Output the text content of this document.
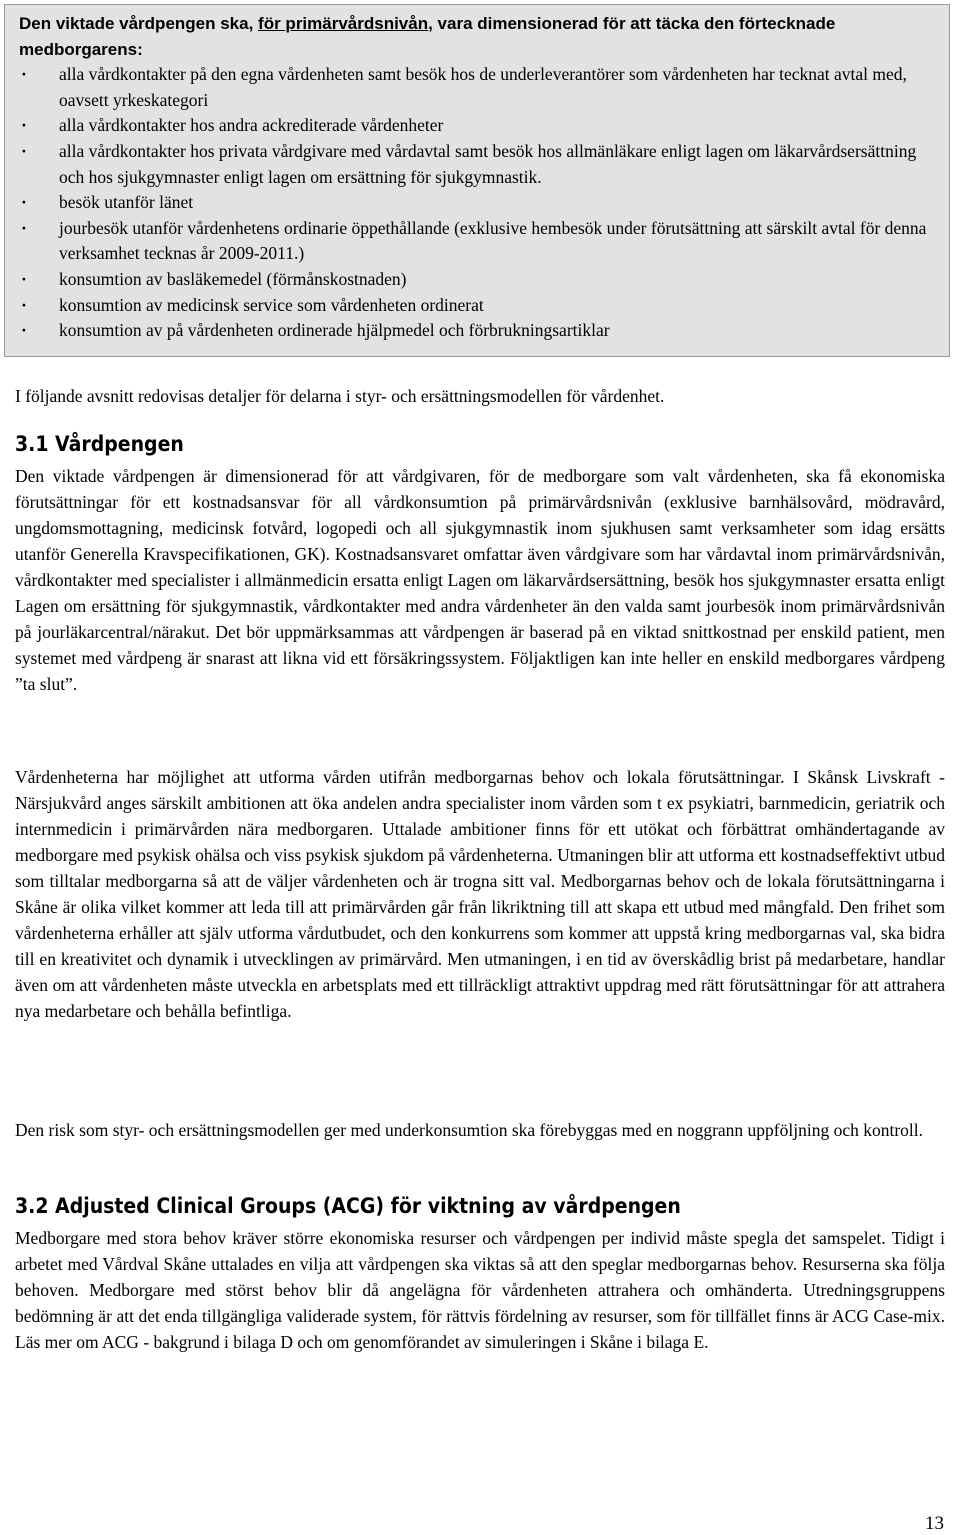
Den viktade vårdpengen ska, för primärvårdsnivån, vara dimensionerad för att täcka den förtecknade medborgarens:
· alla vårdkontakter på den egna vårdenheten samt besök hos de underleverantörer som vårdenheten har tecknat avtal med, oavsett yrkeskategori
· alla vårdkontakter hos andra ackrediterade vårdenheter
· alla vårdkontakter hos privata vårdgivare med vårdavtal samt besök hos allmänläkare enligt lagen om läkarvårdsersättning och hos sjukgymnaster enligt lagen om ersättning för sjukgymnastik.
· besök utanför länet
· jourbesök utanför vårdenhetens ordinarie öppethållande (exklusive hembesök under förutsättning att särskilt avtal för denna verksamhet tecknas år 2009-2011.)
· konsumtion av basläkemedel (förmånskostnaden)
· konsumtion av medicinsk service som vårdenheten ordinerat
· konsumtion av på vårdenheten ordinerade hjälpmedel och förbrukningsartiklar

I följande avsnitt redovisas detaljer för delarna i styr- och ersättningsmodellen för vårdenhet.

3.1 Vårdpengen

Den viktade vårdpengen är dimensionerad för att vårdgivaren, för de medborgare som valt vårdenheten, ska få ekonomiska förutsättningar för ett kostnadsansvar för all vårdkonsumtion på primärvårdsnivån (exklusive barnhälsovård, mödravård, ungdomsmottagning, medicinsk fotvård, logopedi och all sjukgymnastik inom sjukhusen samt verksamheter som idag ersätts utanför Generella Kravspecifikationen, GK). Kostnadsansvaret omfattar även vårdgivare som har vårdavtal inom primärvårdsnivån, vårdkontakter med specialister i allmänmedicin ersatta enligt Lagen om läkarvårdsersättning, besök hos sjukgymnaster ersatta enligt Lagen om ersättning för sjukgymnastik, vårdkontakter med andra vårdenheter än den valda samt jourbesök inom primärvårdsnivån på jourläkarcentral/närakut. Det bör uppmärksammas att vårdpengen är baserad på en viktad snittkostnad per enskild patient, men systemet med vårdpeng är snarast att likna vid ett försäkringssystem. Följaktligen kan inte heller en enskild medborgares vårdpeng ”ta slut”.

Vårdenheterna har möjlighet att utforma vården utifrån medborgarnas behov och lokala förutsättningar. I Skånsk Livskraft - Närsjukvård anges särskilt ambitionen att öka andelen andra specialister inom vården som t ex psykiatri, barnmedicin, geriatrik och internmedicin i primärvården nära medborgaren. Uttalade ambitioner finns för ett utökat och förbättrat omhändertagande av medborgare med psykisk ohälsa och viss psykisk sjukdom på vårdenheterna. Utmaningen blir att utforma ett kostnadseffektivt utbud som tilltalar medborgarna så att de väljer vårdenheten och är trogna sitt val. Medborgarnas behov och de lokala förutsättningarna i Skåne är olika vilket kommer att leda till att primärvården går från likriktning till att skapa ett utbud med mångfald. Den frihet som vårdenheterna erhåller att själv utforma vårdutbudet, och den konkurrens som kommer att uppstå kring medborgarnas val, ska bidra till en kreativitet och dynamik i utvecklingen av primärvård. Men utmaningen, i en tid av överskådlig brist på medarbetare, handlar även om att vårdenheten måste utveckla en arbetsplats med ett tillräckligt attraktivt uppdrag med rätt förutsättningar för att attrahera nya medarbetare och behålla befintliga.

Den risk som styr- och ersättningsmodellen ger med underkonsumtion ska förebyggas med en noggrann uppföljning och kontroll.

3.2 Adjusted Clinical Groups (ACG) för viktning av vårdpengen

Medborgare med stora behov kräver större ekonomiska resurser och vårdpengen per individ måste spegla det samspelet. Tidigt i arbetet med Vårdval Skåne uttalades en vilja att vårdpengen ska viktas så att den speglar medborgarnas behov. Resurserna ska följa behoven. Medborgare med störst behov blir då angelägna för vårdenheten attrahera och omhänderta. Utredningsgruppens bedömning är att det enda tillgängliga validerade system, för rättvis fördelning av resurser, som för tillfället finns är ACG Case-mix. Läs mer om ACG - bakgrund i bilaga D och om genomförandet av simuleringen i Skåne i bilaga E.

13
